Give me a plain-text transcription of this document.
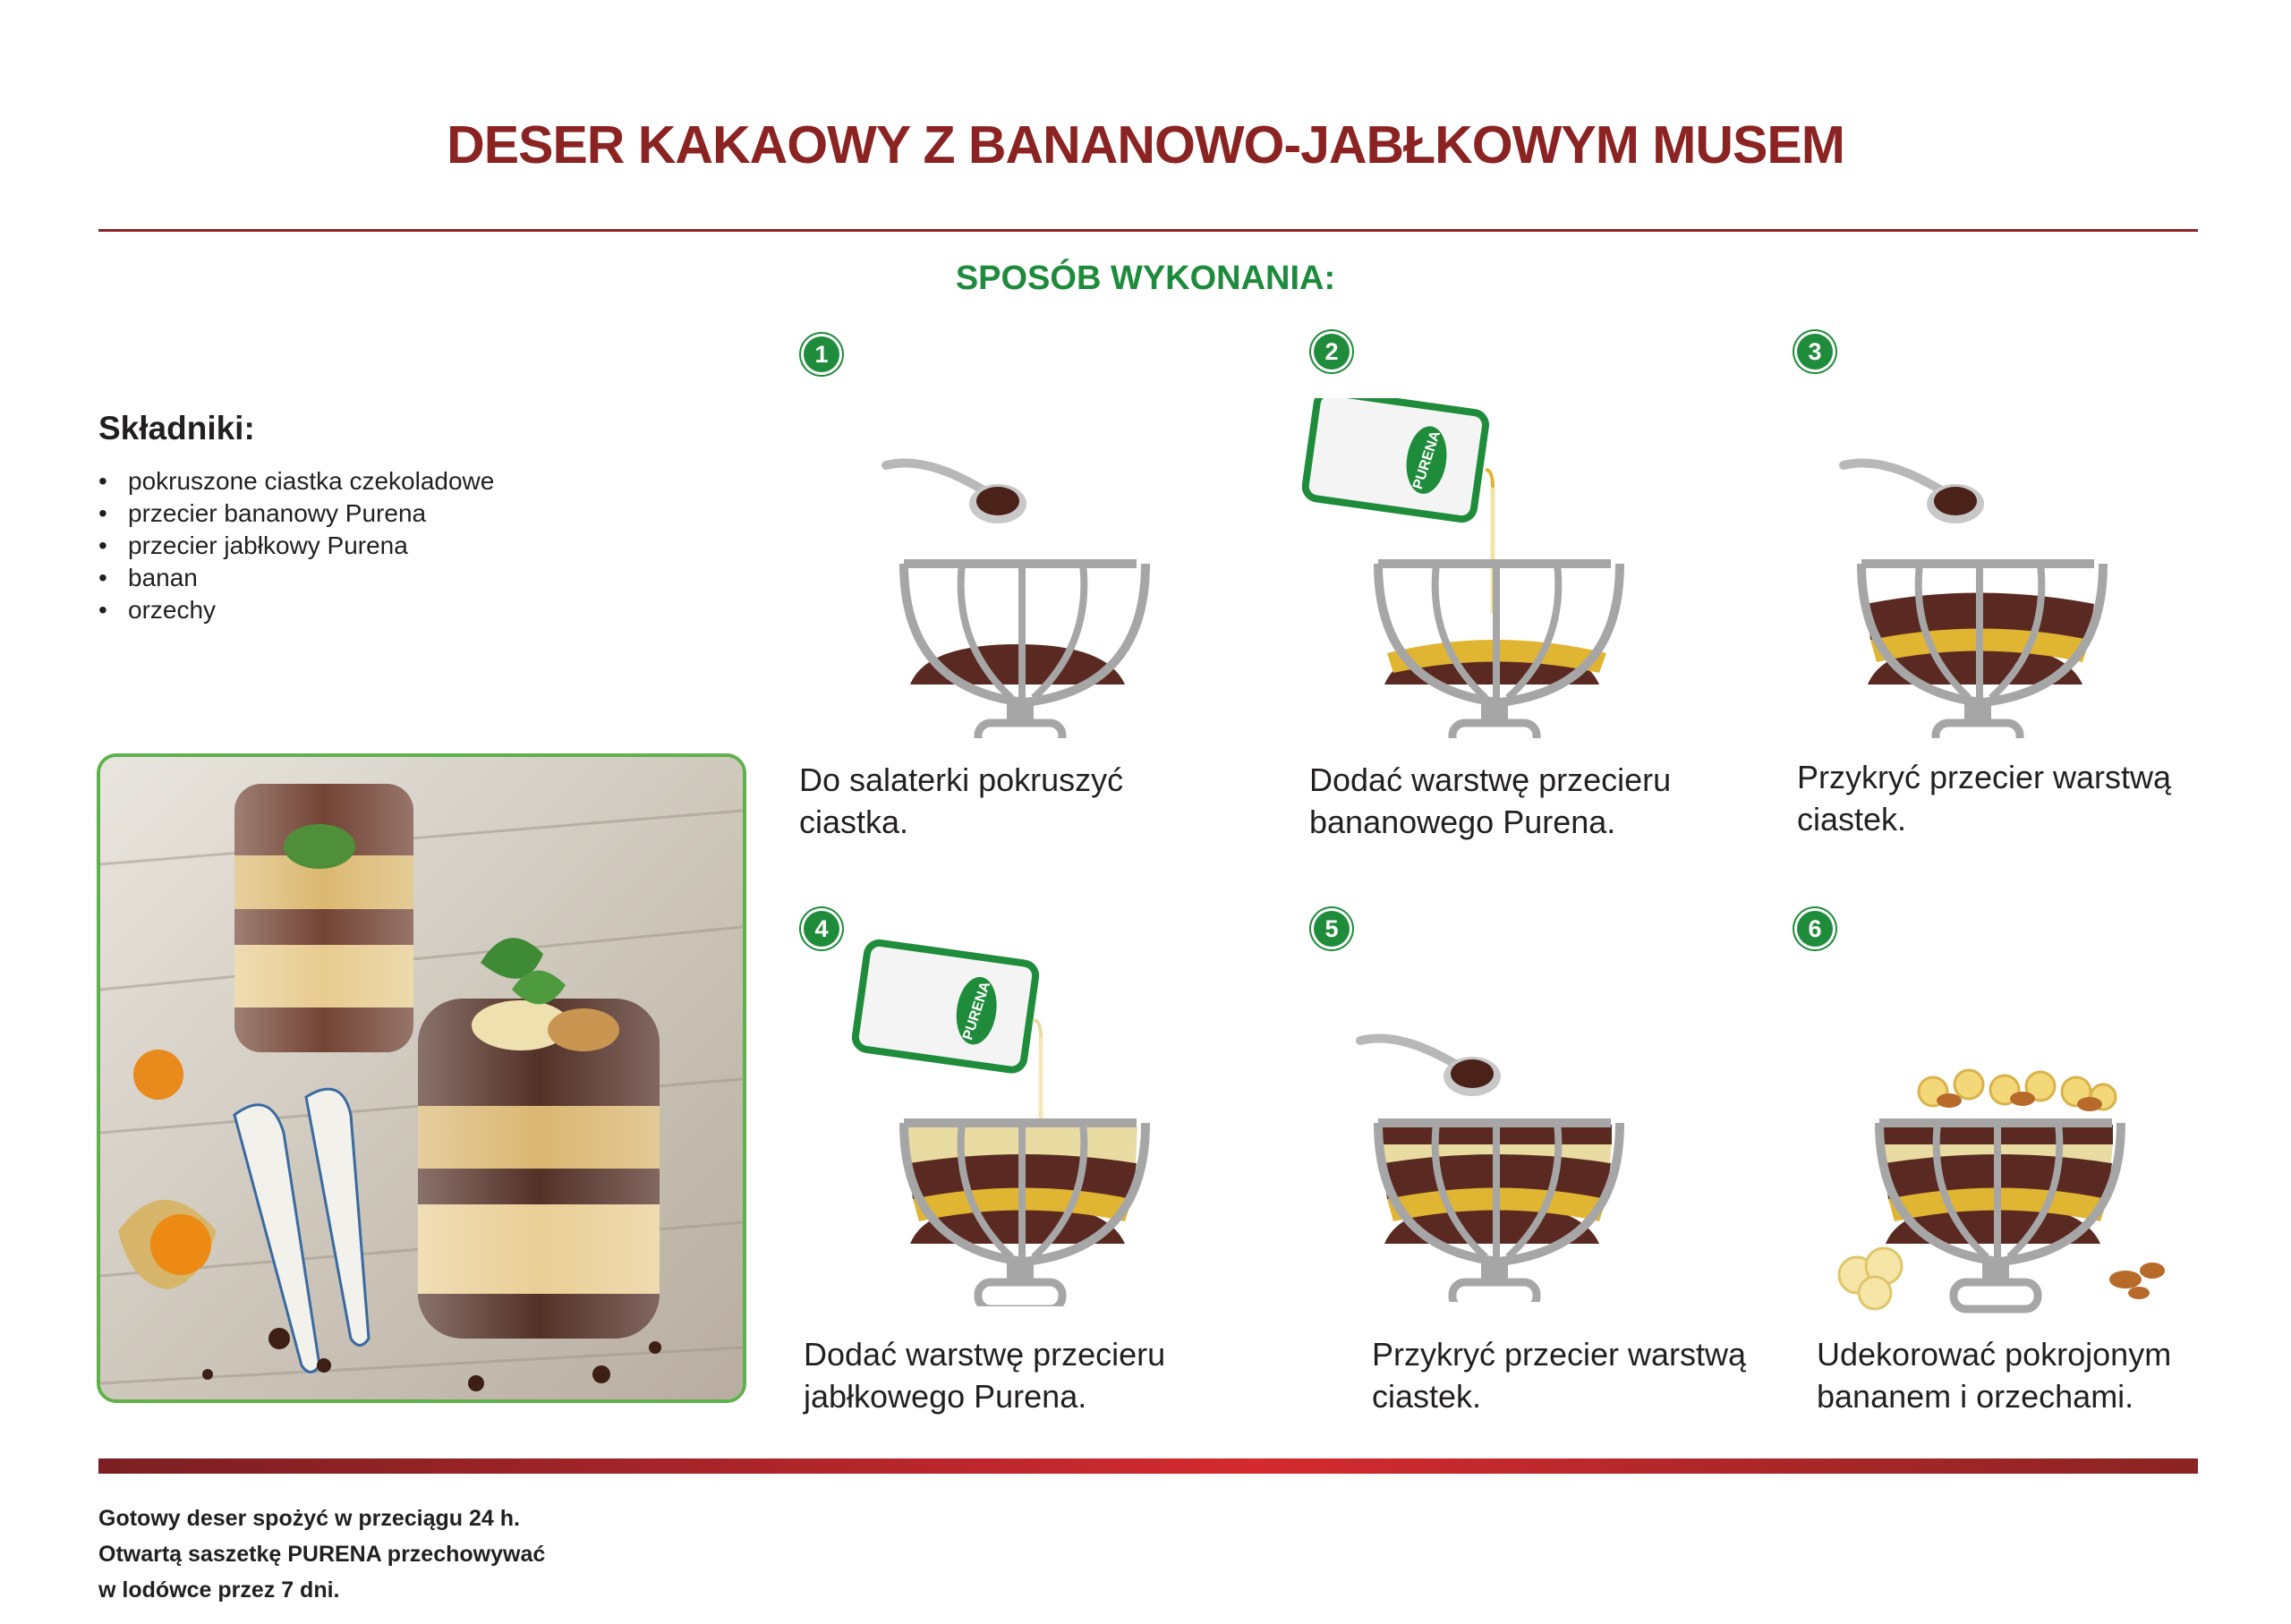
DESER KAKAOWY Z BANANOWO-JABŁKOWYM MUSEM
SPOSÓB WYKONANIA:
Składniki:
• pokruszone ciastka czekoladowe
• przecier bananowy Purena
• przecier jabłkowy Purena
• banan
• orzechy
1

Do salaterki pokruszyć ciastka.

2
PURENA

Dodać warstwę przecieru bananowego Purena.

3

Przykryć przecier warstwą ciastek.

4
PURENA

Dodać warstwę przecieru jabłkowego Purena.

5

Przykryć przecier warstwą ciastek.

6

Udekorować pokrojonym bananem i orzechami.

Gotowy deser spożyć w przeciągu 24 h.
Otwartą saszetkę PURENA przechowywać
w lodówce przez 7 dni.
